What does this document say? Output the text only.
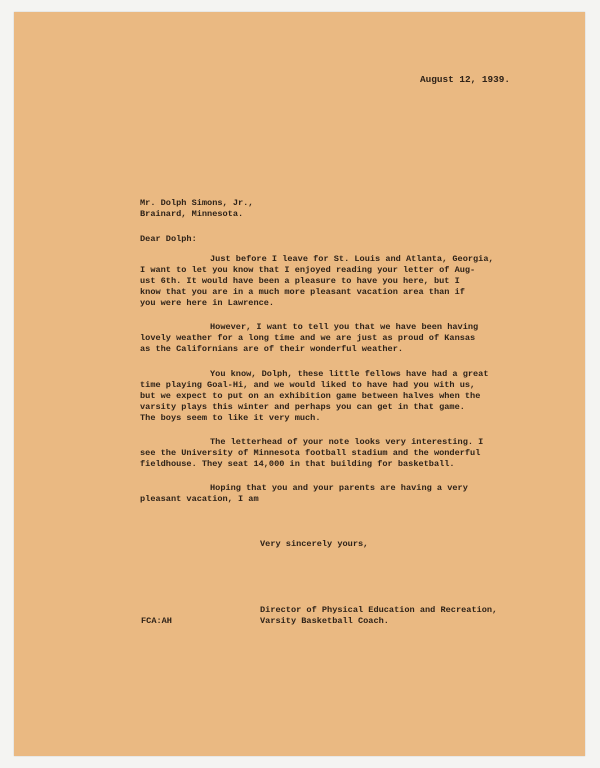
August 12, 1939.
Mr. Dolph Simons, Jr.,
Brainard, Minnesota.
Dear Dolph:
Just before I leave for St. Louis and Atlanta, Georgia,
I want to let you know that I enjoyed reading your letter of Aug-
ust 6th. It would have been a pleasure to have you here, but I
know that you are in a much more pleasant vacation area than if
you were here in Lawrence.
However, I want to tell you that we have been having
lovely weather for a long time and we are just as proud of Kansas
as the Californians are of their wonderful weather.
You know, Dolph, these little fellows have had a great
time playing Goal-Hi, and we would liked to have had you with us,
but we expect to put on an exhibition game between halves when the
varsity plays this winter and perhaps you can get in that game.
The boys seem to like it very much.
The letterhead of your note looks very interesting. I
see the University of Minnesota football stadium and the wonderful
fieldhouse. They seat 14,000 in that building for basketball.
Hoping that you and your parents are having a very
pleasant vacation, I am
Very sincerely yours,
Director of Physical Education and Recreation,
FCA:AH	Varsity Basketball Coach.
